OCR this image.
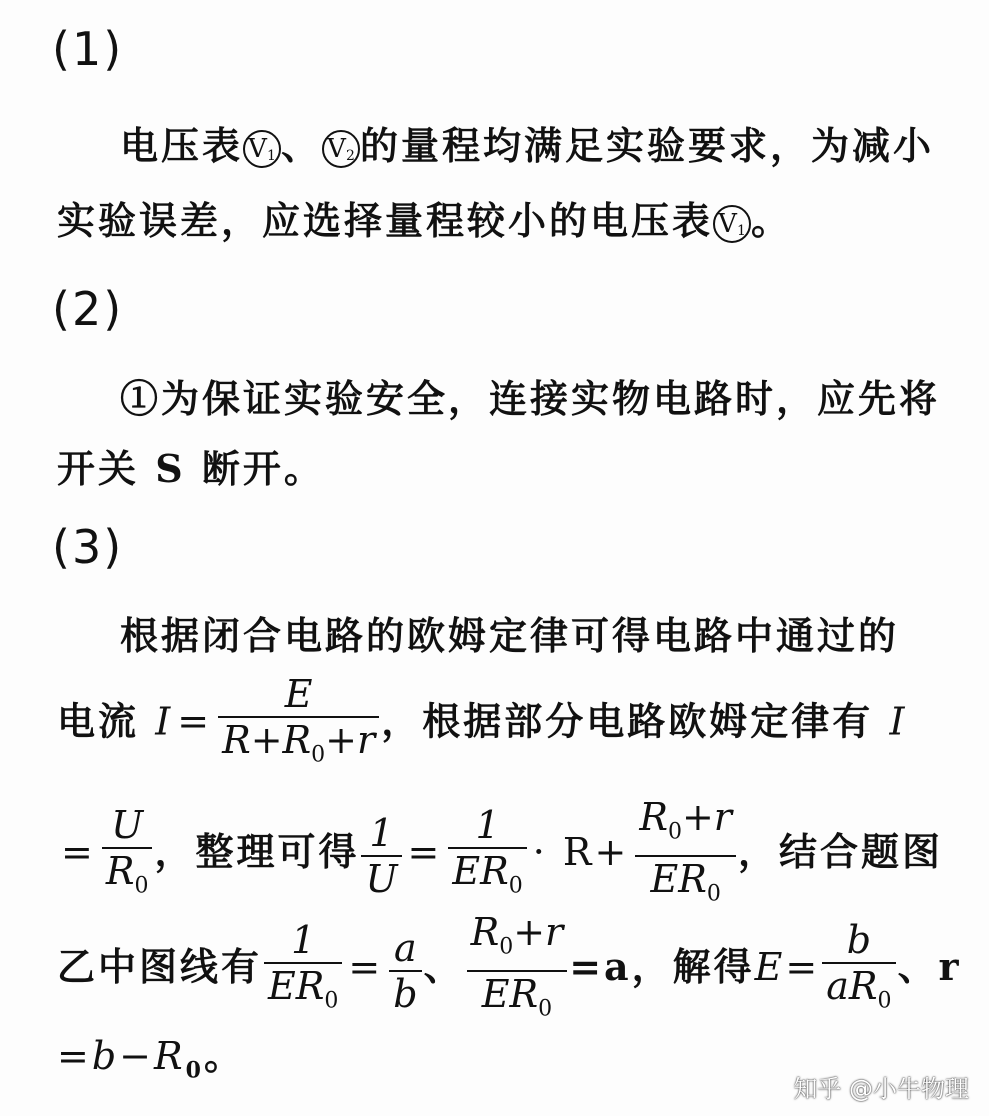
(1)
电压表 $V_1$ 、 $V_2$ 的量程均满足实验要求，为减小
实验误差，应选择量程较小的电压表 $V_1$ 。
(2)
①为保证实验安全，连接实物电路时，应先将
开关 S 断开。
(3)
根据闭合电路的欧姆定律可得电路中通过的
电流 $I = \frac{E}{R+R_0+r}$ ，根据部分电路欧姆定律有 I
= $\frac{U}{R_0}$ ，整理可得 $\frac{1}{U} = \frac{1}{ER_0} \cdot R+ \frac{R_0+r}{ER_0}$ ，结合题图
乙中图线有 $\frac{1}{ER_0} = \frac{a}{b}$ 、 $\frac{R_0+r}{ER_0} =a$，解得$E= \frac{b}{aR_0}$ 、r
$=b-R_0$。
知乎 @小牛物理
